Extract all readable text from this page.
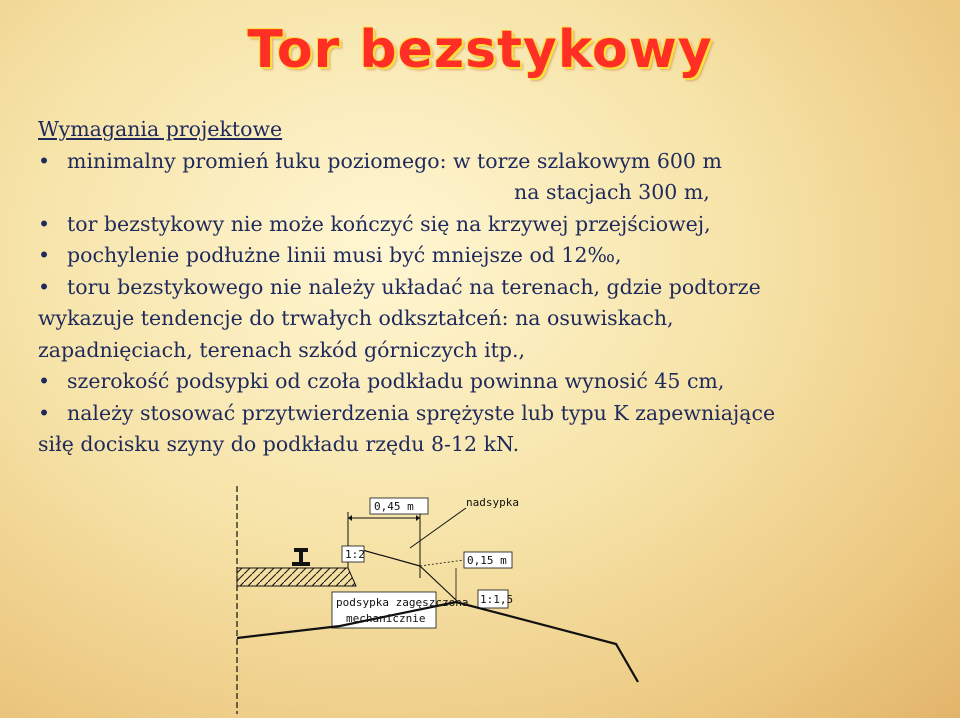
Tor bezstykowy
Wymagania projektowe
• minimalny promień łuku poziomego: w torze szlakowym 600 m
na stacjach 300 m,
• tor bezstykowy nie może kończyć się na krzywej przejściowej,
• pochylenie podłużne linii musi być mniejsze od 12‰,
• toru bezstykowego nie należy układać na terenach, gdzie podtorze
wykazuje tendencje do trwałych odkształceń: na osuwiskach,
zapadnięciach, terenach szkód górniczych itp.,
• szerokość podsypki od czoła podkładu powinna wynosić 45 cm,
• należy stosować przytwierdzenia sprężyste lub typu K zapewniające
siłę docisku szyny do podkładu rzędu 8-12 kN.
0,45 m	nadsypka
1:2	0,15 m
1:1,5
podsypka zagęszczona
mechanicznie
